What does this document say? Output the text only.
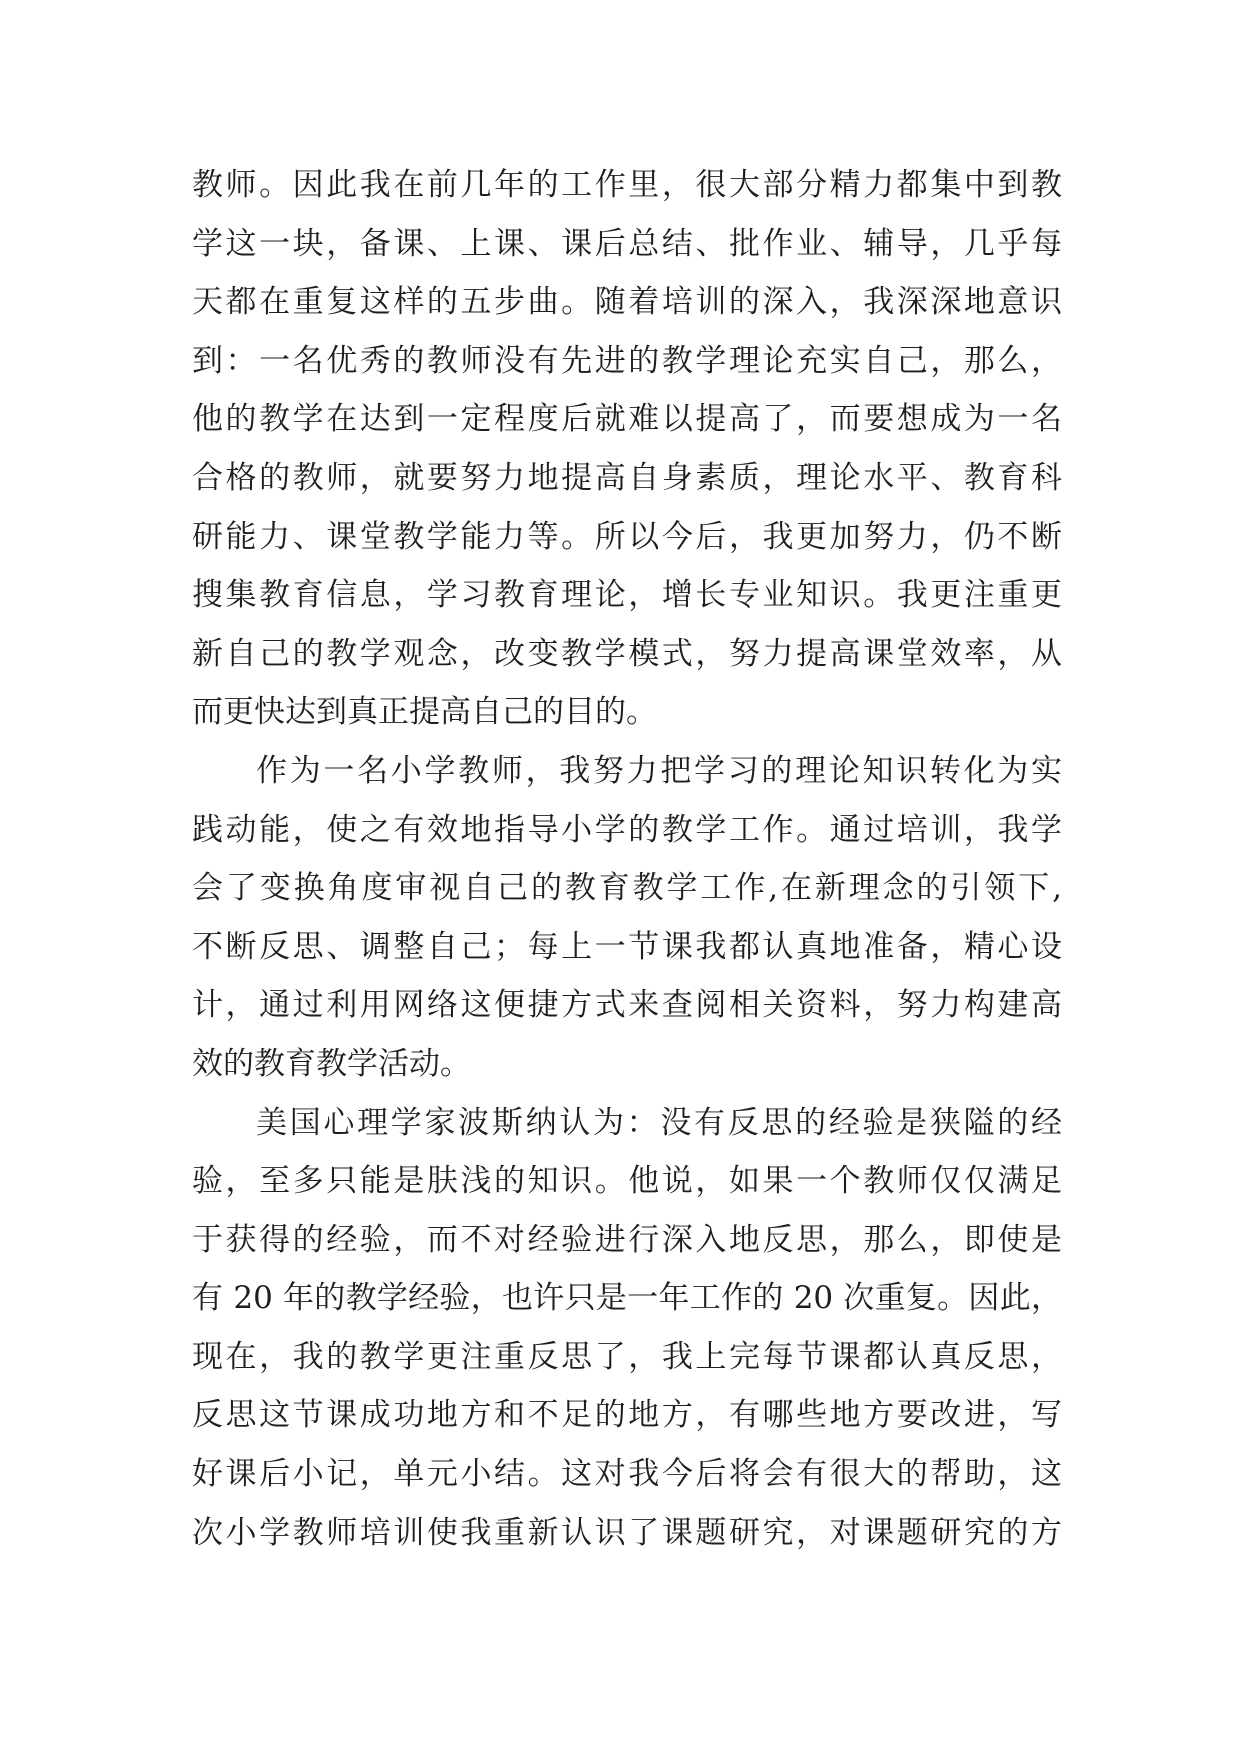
教师。因此我在前几年的工作里，很大部分精力都集中到教
学这一块，备课、上课、课后总结、批作业、辅导，几乎每
天都在重复这样的五步曲。随着培训的深入，我深深地意识
到：一名优秀的教师没有先进的教学理论充实自己，那么，
他的教学在达到一定程度后就难以提高了，而要想成为一名
合格的教师，就要努力地提高自身素质，理论水平、教育科
研能力、课堂教学能力等。所以今后，我更加努力，仍不断
搜集教育信息，学习教育理论，增长专业知识。我更注重更
新自己的教学观念，改变教学模式，努力提高课堂效率，从
而更快达到真正提高自己的目的。
作为一名小学教师，我努力把学习的理论知识转化为实
践动能，使之有效地指导小学的教学工作。通过培训，我学
会了变换角度审视自己的教育教学工作,在新理念的引领下,
不断反思、调整自己；每上一节课我都认真地准备，精心设
计，通过利用网络这便捷方式来查阅相关资料，努力构建高
效的教育教学活动。
美国心理学家波斯纳认为：没有反思的经验是狭隘的经
验，至多只能是肤浅的知识。他说，如果一个教师仅仅满足
于获得的经验，而不对经验进行深入地反思，那么，即使是
有 20 年的教学经验，也许只是一年工作的 20 次重复。因此，
现在，我的教学更注重反思了，我上完每节课都认真反思，
反思这节课成功地方和不足的地方，有哪些地方要改进，写
好课后小记，单元小结。这对我今后将会有很大的帮助，这
次小学教师培训使我重新认识了课题研究，对课题研究的方
